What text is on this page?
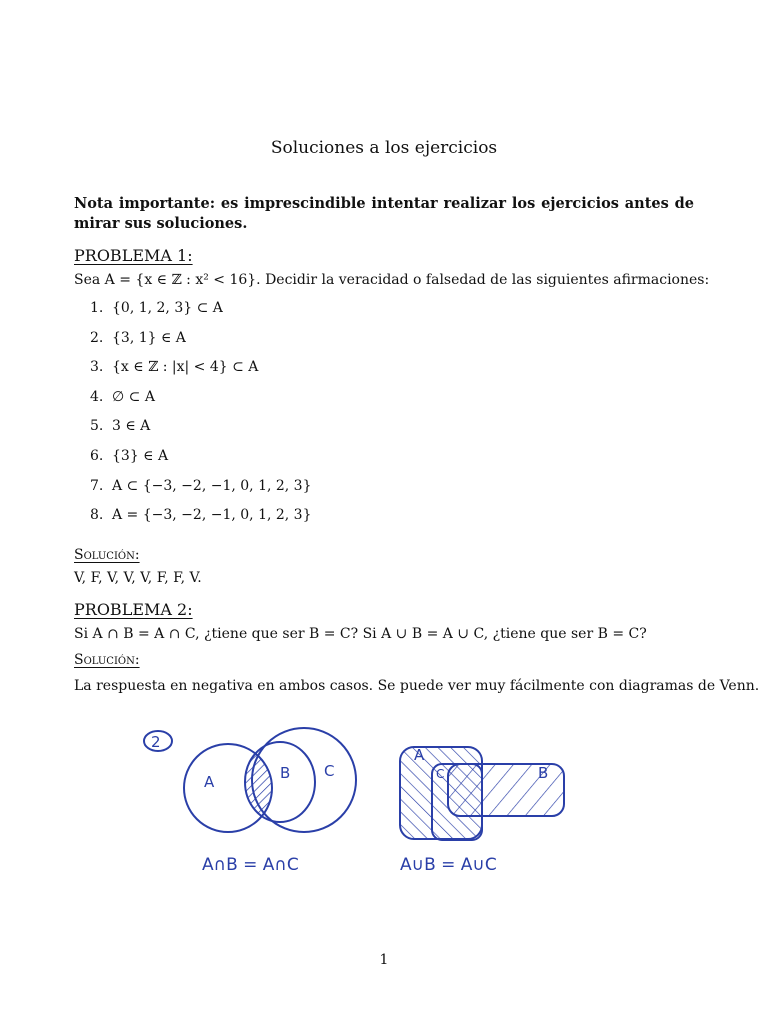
Soluciones a los ejercicios
Nota importante: es imprescindible intentar realizar los ejercicios antes de mirar sus soluciones.
PROBLEMA 1:
Sea A = {x ∈ ℤ : x² < 16}. Decidir la veracidad o falsedad de las siguientes afirmaciones:
1. {0, 1, 2, 3} ⊂ A
2. {3, 1} ∈ A
3. {x ∈ ℤ : |x| < 4} ⊂ A
4. ∅ ⊂ A
5. 3 ∈ A
6. {3} ∈ A
7. A ⊂ {−3, −2, −1, 0, 1, 2, 3}
8. A = {−3, −2, −1, 0, 1, 2, 3}
Solución:
V, F, V, V, V, F, F, V.
PROBLEMA 2:
Si A ∩ B = A ∩ C, ¿tiene que ser B = C? Si A ∪ B = A ∪ C, ¿tiene que ser B = C?
Solución:
La respuesta en negativa en ambos casos. Se puede ver muy fácilmente con diagramas de Venn.
2
A	B C
A
C	B
A∩B = A∩C	A∪B = A∪C
1
